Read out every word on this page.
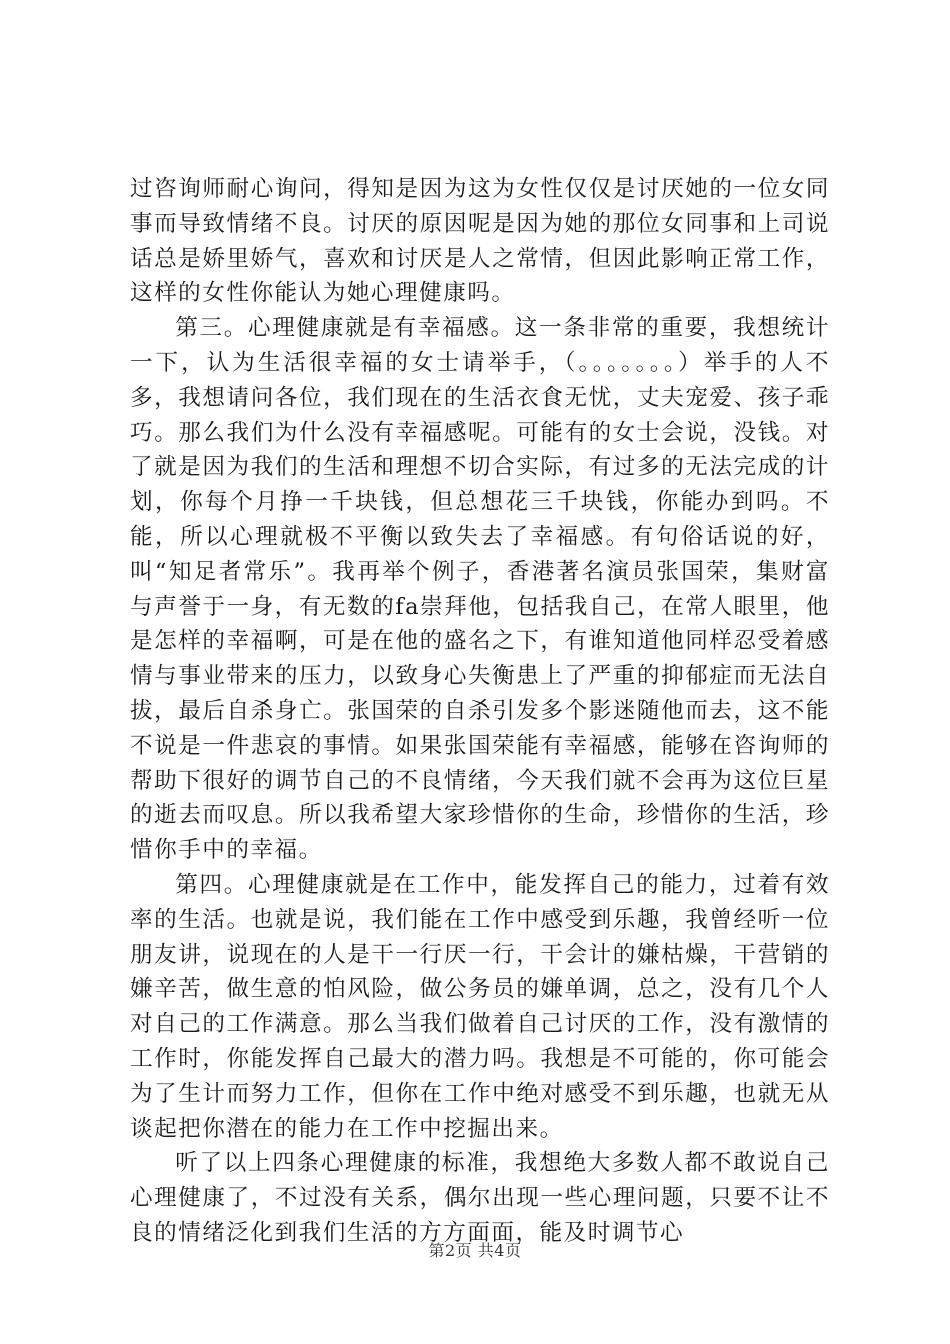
过咨询师耐心询问，得知是因为这为女性仅仅是讨厌她的一位女同事而导致情绪不良。讨厌的原因呢是因为她的那位女同事和上司说话总是娇里娇气，喜欢和讨厌是人之常情，但因此影响正常工作，这样的女性你能认为她心理健康吗。

第三。心理健康就是有幸福感。这一条非常的重要，我想统计一下，认为生活很幸福的女士请举手，（。。。。。。。）举手的人不多，我想请问各位，我们现在的生活衣食无忧，丈夫宠爱、孩子乖巧。那么我们为什么没有幸福感呢。可能有的女士会说，没钱。对了就是因为我们的生活和理想不切合实际，有过多的无法完成的计划，你每个月挣一千块钱，但总想花三千块钱，你能办到吗。不能，所以心理就极不平衡以致失去了幸福感。有句俗话说的好，叫“知足者常乐”。我再举个例子，香港著名演员张国荣，集财富与声誉于一身，有无数的fa崇拜他，包括我自己，在常人眼里，他是怎样的幸福啊，可是在他的盛名之下，有谁知道他同样忍受着感情与事业带来的压力，以致身心失衡患上了严重的抑郁症而无法自拔，最后自杀身亡。张国荣的自杀引发多个影迷随他而去，这不能不说是一件悲哀的事情。如果张国荣能有幸福感，能够在咨询师的帮助下很好的调节自己的不良情绪，今天我们就不会再为这位巨星的逝去而叹息。所以我希望大家珍惜你的生命，珍惜你的生活，珍惜你手中的幸福。

第四。心理健康就是在工作中，能发挥自己的能力，过着有效率的生活。也就是说，我们能在工作中感受到乐趣，我曾经听一位朋友讲，说现在的人是干一行厌一行，干会计的嫌枯燥，干营销的嫌辛苦，做生意的怕风险，做公务员的嫌单调，总之，没有几个人对自己的工作满意。那么当我们做着自己讨厌的工作，没有激情的工作时，你能发挥自己最大的潜力吗。我想是不可能的，你可能会为了生计而努力工作，但你在工作中绝对感受不到乐趣，也就无从谈起把你潜在的能力在工作中挖掘出来。

听了以上四条心理健康的标准，我想绝大多数人都不敢说自己心理健康了，不过没有关系，偶尔出现一些心理问题，只要不让不良的情绪泛化到我们生活的方方面面，能及时调节心

第2页 共4页
